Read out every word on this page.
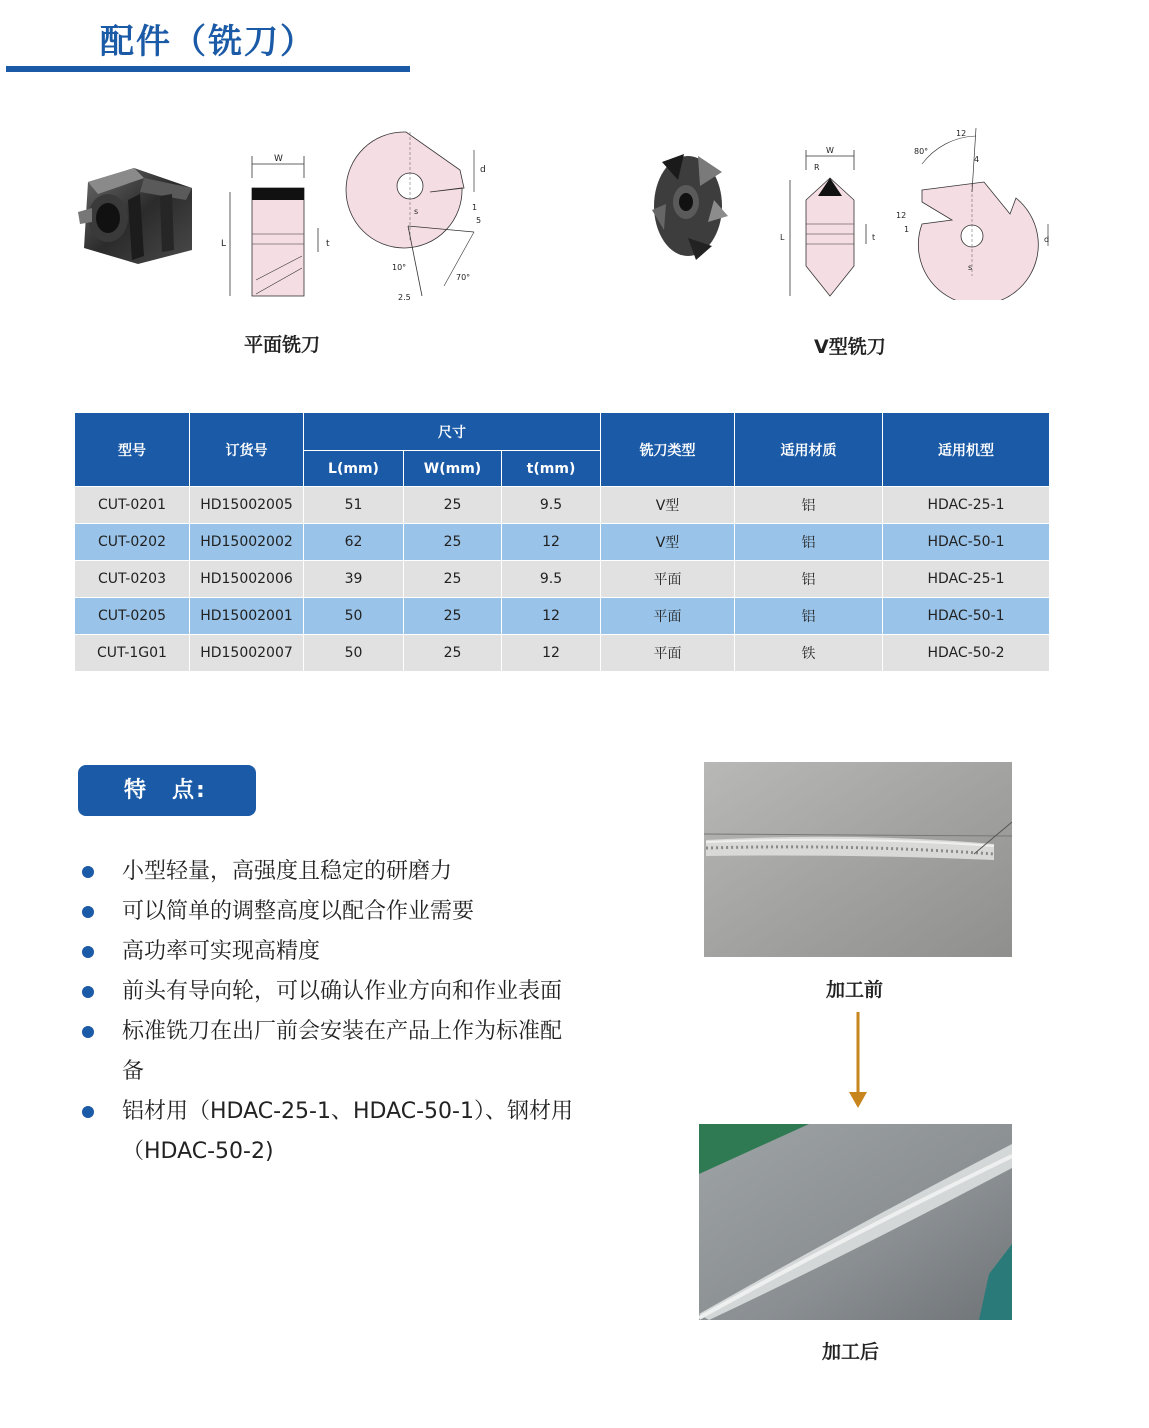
配件（铣刀）
W
L	t
d
s	1
5
10°
70°
2.5
平面铣刀
W
R
L	t	d
s
80°
12
4
12
1
V型铣刀
型号	订货号	尺寸			铣刀类型	适用材质	适用机型
		L(mm)	W(mm)	t(mm)			
CUT-0201	HD15002005	51	25	9.5	V型	铝	HDAC-25-1
CUT-0202	HD15002002	62	25	12	V型	铝	HDAC-50-1
CUT-0203	HD15002006	39	25	9.5	平面	铝	HDAC-25-1
CUT-0205	HD15002001	50	25	12	平面	铝	HDAC-50-1
CUT-1G01	HD15002007	50	25	12	平面	铁	HDAC-50-2
特　点:
小型轻量，高强度且稳定的研磨力
可以简单的调整高度以配合作业需要
高功率可实现高精度
前头有导向轮，可以确认作业方向和作业表面
标准铣刀在出厂前会安装在产品上作为标准配备
铝材用（HDAC-25-1、HDAC-50-1）、钢材用（HDAC-50-2)
加工前
加工后
